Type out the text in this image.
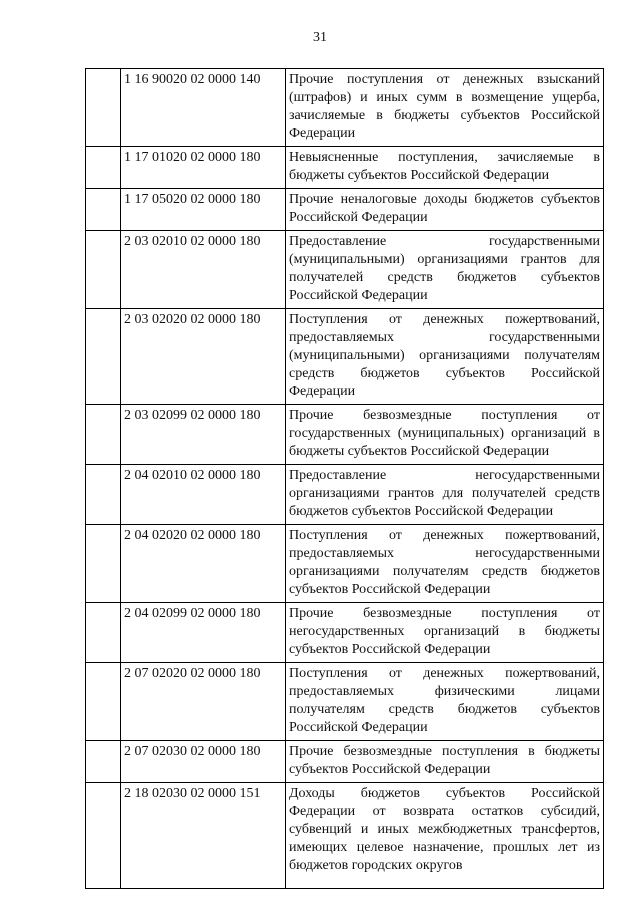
31
	1 16 90020 02 0000 140	Прочие поступления от денежных взысканий (штрафов) и иных сумм в возмещение ущерба, зачисляемые в бюджеты субъектов Российской Федерации
	1 17 01020 02 0000 180	Невыясненные поступления, зачисляемые в бюджеты субъектов Российской Федерации
	1 17 05020 02 0000 180	Прочие неналоговые доходы бюджетов субъектов Российской Федерации
	2 03 02010 02 0000 180	Предоставление государственными (муниципальными) организациями грантов для получателей средств бюджетов субъектов Российской Федерации
	2 03 02020 02 0000 180	Поступления от денежных пожертвований, предоставляемых государственными (муниципальными) организациями получателям средств бюджетов субъектов Российской Федерации
	2 03 02099 02 0000 180	Прочие безвозмездные поступления от государственных (муниципальных) организаций в бюджеты субъектов Российской Федерации
	2 04 02010 02 0000 180	Предоставление негосударственными организациями грантов для получателей средств бюджетов субъектов Российской Федерации
	2 04 02020 02 0000 180	Поступления от денежных пожертвований, предоставляемых негосударственными организациями получателям средств бюджетов субъектов Российской Федерации
	2 04 02099 02 0000 180	Прочие безвозмездные поступления от негосударственных организаций в бюджеты субъектов Российской Федерации
	2 07 02020 02 0000 180	Поступления от денежных пожертвований, предоставляемых физическими лицами получателям средств бюджетов субъектов Российской Федерации
	2 07 02030 02 0000 180	Прочие безвозмездные поступления в бюджеты субъектов Российской Федерации
	2 18 02030 02 0000 151	Доходы бюджетов субъектов Российской Федерации от возврата остатков субсидий, субвенций и иных межбюджетных трансфертов, имеющих целевое назначение, прошлых лет из бюджетов городских округов
